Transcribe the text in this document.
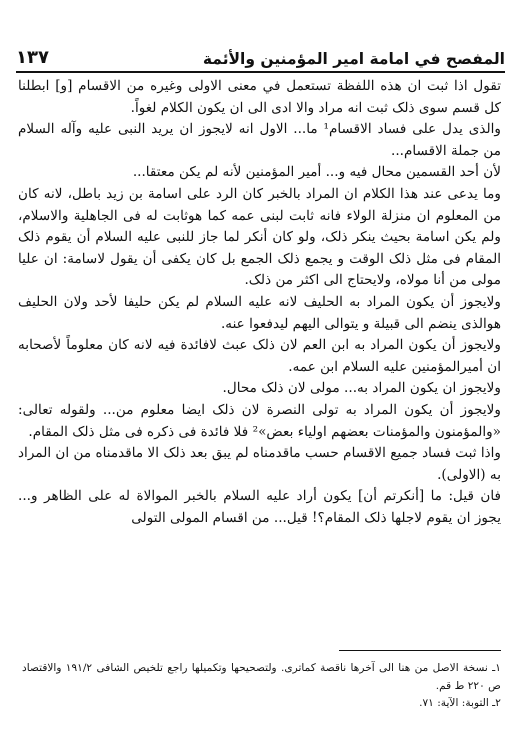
المفصح في امامة امير المؤمنين والأئمة
١٣٧

تقول اذا ثبت ان هذه اللفظة تستعمل في معنى الاولى وغيره من الاقسام [و] ابطلنا كل قسم سوى ذلک ثبت انه مراد والا ادى الى ان يكون الكلام لغواً.

والذى يدل على فساد الاقسام¹ ما... الاول انه لايجوز ان يريد النبى عليه وآله السلام من جملة الاقسام...

لأن أحد القسمين محال فيه و... أمير المؤمنين لأنه لم يكن معتقا...

وما يدعى عند هذا الكلام ان المراد بالخبر كان الرد على اسامة بن زيد باطل، لانه كان من المعلوم ان منزلة الولاء فانه ثابت لبنى عمه كما هوثابت له فى الجاهلية والاسلام، ولم يكن اسامة بحيث ينكر ذلک، ولو كان أنكر لما جاز للنبى عليه السلام أن يقوم ذلک المقام فى مثل ذلک الوقت و يجمع ذلک الجمع بل كان يكفى أن يقول لاسامة: ان عليا مولى من أنا مولاه، ولايحتاج الى اكثر من ذلک.

ولايجوز أن يكون المراد به الحليف لانه عليه السلام لم يكن حليفا لأحد ولان الحليف هوالذى ينضم الى قبيلة و يتوالى اليهم ليدفعوا عنه.

ولايجوز أن يكون المراد به ابن العم لان ذلک عبث لافائدة فيه لانه كان معلوماً لأصحابه ان أميرالمؤمنين عليه السلام ابن عمه.

ولايجوز ان يكون المراد به... مولى لان ذلک محال.

ولايجوز أن يكون المراد به تولى النصرة لان ذلک ايضا معلوم من... ولقوله تعالى: «والمؤمنون والمؤمنات بعضهم اولياء بعض»² فلا فائدة فى ذكره فى مثل ذلک المقام.

واذا ثبت فساد جميع الاقسام حسب ماقدمناه لم يبق بعد ذلک الا ماقدمناه من ان المراد به (الاولى).

فان قيل: ما [أنكرتم أن] يكون أراد عليه السلام بالخبر الموالاة له على الظاهر و... يجوز ان يقوم لاجلها ذلک المقام؟! قيل... من اقسام المولى التولى

١ـ نسخة الاصل من هنا الى آخرها ناقصة كماترى. ولتصحيحها وتكميلها راجع تلخيص الشافى ١٩١/٢ والاقتصاد ص ٢٢٠ ط قم.

٢ـ التوبة: الآية: ٧١.
